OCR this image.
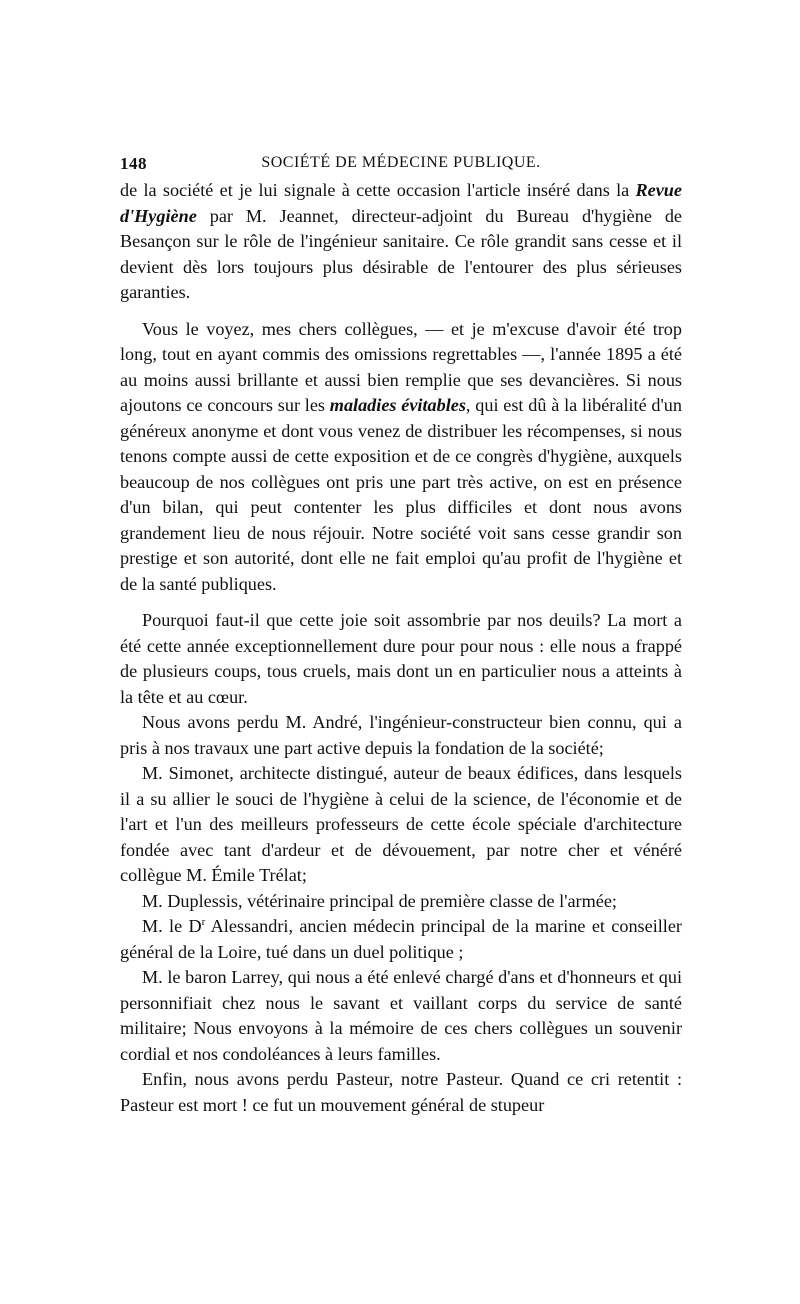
148	SOCIÉTÉ DE MÉDECINE PUBLIQUE.

de la société et je lui signale à cette occasion l'article inséré dans la Revue d'Hygiène par M. Jeannet, directeur-adjoint du Bureau d'hygiène de Besançon sur le rôle de l'ingénieur sanitaire. Ce rôle grandit sans cesse et il devient dès lors toujours plus désirable de l'entourer des plus sérieuses garanties.

Vous le voyez, mes chers collègues, — et je m'excuse d'avoir été trop long, tout en ayant commis des omissions regrettables —, l'année 1895 a été au moins aussi brillante et aussi bien remplie que ses devancières. Si nous ajoutons ce concours sur les maladies évitables, qui est dû à la libéralité d'un généreux anonyme et dont vous venez de distribuer les récompenses, si nous tenons compte aussi de cette exposition et de ce congrès d'hygiène, auxquels beaucoup de nos collègues ont pris une part très active, on est en présence d'un bilan, qui peut contenter les plus difficiles et dont nous avons grandement lieu de nous réjouir. Notre société voit sans cesse grandir son prestige et son autorité, dont elle ne fait emploi qu'au profit de l'hygiène et de la santé publiques.

Pourquoi faut-il que cette joie soit assombrie par nos deuils? La mort a été cette année exceptionnellement dure pour pour nous : elle nous a frappé de plusieurs coups, tous cruels, mais dont un en particulier nous a atteints à la tête et au cœur.

Nous avons perdu M. André, l'ingénieur-constructeur bien connu, qui a pris à nos travaux une part active depuis la fondation de la société;

M. Simonet, architecte distingué, auteur de beaux édifices, dans lesquels il a su allier le souci de l'hygiène à celui de la science, de l'économie et de l'art et l'un des meilleurs professeurs de cette école spéciale d'architecture fondée avec tant d'ardeur et de dévouement, par notre cher et vénéré collègue M. Émile Trélat;

M. Duplessis, vétérinaire principal de première classe de l'armée;

M. le $D^r$ Alessandri, ancien médecin principal de la marine et conseiller général de la Loire, tué dans un duel politique ;

M. le baron Larrey, qui nous a été enlevé chargé d'ans et d'honneurs et qui personnifiait chez nous le savant et vaillant corps du service de santé militaire; Nous envoyons à la mémoire de ces chers collègues un souvenir cordial et nos condoléances à leurs familles.

Enfin, nous avons perdu Pasteur, notre Pasteur. Quand ce cri retentit : Pasteur est mort ! ce fut un mouvement général de stupeur
